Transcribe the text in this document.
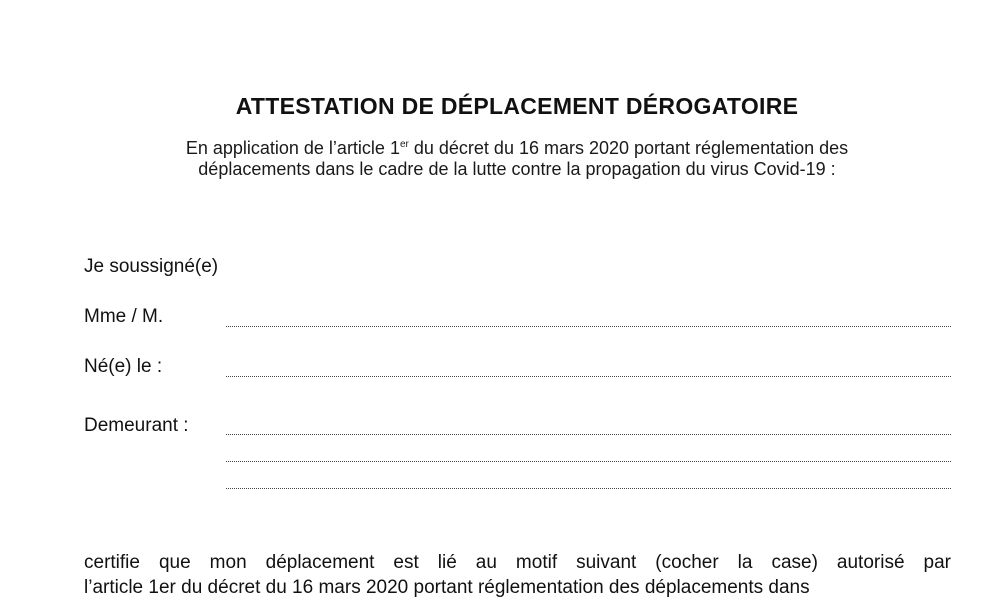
ATTESTATION DE DÉPLACEMENT DÉROGATOIRE
En application de l’article 1er du décret du 16 mars 2020 portant réglementation des
déplacements dans le cadre de la lutte contre la propagation du virus Covid-19 :
Je soussigné(e)
Mme / M.
Né(e) le :
Demeurant :
certifie que mon déplacement est lié au motif suivant (cocher la case) autorisé par
l’article 1er du décret du 16 mars 2020 portant réglementation des déplacements dans
